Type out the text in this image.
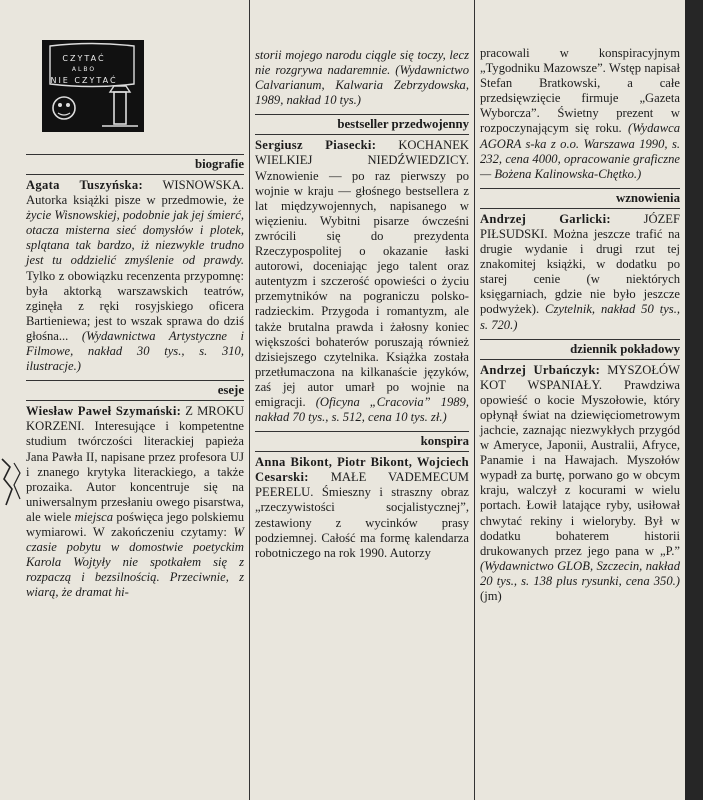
CZYTAĆ
ALBO
NIE CZYTAĆ
biografie

Agata Tuszyńska: WISNOWSKA. Autorka książki pisze w przedmowie, że życie Wisnowskiej, podobnie jak jej śmierć, otacza misterna sieć domysłów i plotek, splątana tak bardzo, iż niezwykle trudno jest tu oddzielić zmyślenie od prawdy. Tylko z obowiązku recenzenta przypomnę: była aktorką warszawskich teatrów, zginęła z ręki rosyjskiego oficera Bartieniewa; jest to wszak sprawa do dziś głośna... (Wydawnictwa Artystyczne i Filmowe, nakład 30 tys., s. 310, ilustracje.)

eseje

Wiesław Paweł Szymański: Z MROKU KORZENI. Interesujące i kompetentne studium twórczości literackiej papieża Jana Pawła II, napisane przez profesora UJ i znanego krytyka literackiego, a także prozaika. Autor koncentruje się na uniwersalnym przesłaniu owego pisarstwa, ale wiele miejsca poświęca jego polskiemu wymiarowi. W zakończeniu czytamy: W czasie pobytu w domostwie poetyckim Karola Wojtyły nie spotkałem się z rozpaczą i bezsilnością. Przeciwnie, z wiarą, że dramat hi-

storii mojego narodu ciągle się toczy, lecz nie rozgrywa nadaremnie. (Wydawnictwo Calvarianum, Kalwaria Zebrzydowska, 1989, nakład 10 tys.)

bestseller przedwojenny

Sergiusz Piasecki: KOCHANEK WIELKIEJ NIEDŹWIEDZICY. Wznowienie — po raz pierwszy po wojnie w kraju — głośnego bestsellera z lat międzywojennych, napisanego w więzieniu. Wybitni pisarze ówcześni zwrócili się do prezydenta Rzeczypospolitej o okazanie łaski autorowi, doceniając jego talent oraz autentyzm i szczerość opowieści o życiu przemytników na pograniczu polsko-radzieckim. Przygoda i romantyzm, ale także brutalna prawda i żałosny koniec większości bohaterów poruszają również dzisiejszego czytelnika. Książka została przetłumaczona na kilkanaście języków, zaś jej autor umarł po wojnie na emigracji. (Oficyna „Cracovia” 1989, nakład 70 tys., s. 512, cena 10 tys. zł.)

konspira

Anna Bikont, Piotr Bikont, Wojciech Cesarski: MAŁE VADEMECUM PEERELU. Śmieszny i straszny obraz „rzeczywistości socjalistycznej”, zestawiony z wycinków prasy podziemnej. Całość ma formę kalendarza robotniczego na rok 1990. Autorzy

pracowali w konspiracyjnym „Tygodniku Mazowsze”. Wstęp napisał Stefan Bratkowski, a całe przedsięwzięcie firmuje „Gazeta Wyborcza”. Świetny prezent w rozpoczynającym się roku. (Wydawca AGORA s-ka z o.o. Warszawa 1990, s. 232, cena 4000, opracowanie graficzne — Bożena Kalinowska-Chętko.)

wznowienia

Andrzej Garlicki:	JÓZEF PIŁSUDSKI. Można jeszcze trafić na drugie wydanie i drugi rzut tej znakomitej książki, w dodatku po starej cenie (w niektórych księgarniach, gdzie nie było jeszcze podwyżek). Czytelnik, nakład 50 tys., s. 720.)

dziennik pokładowy

Andrzej Urbańczyk: MYSZOŁÓW KOT WSPANIAŁY. Prawdziwa opowieść o kocie Myszołowie, który opłynął świat na dziewięciometrowym jachcie, zaznając niezwykłych przygód w Ameryce, Japonii, Australii, Afryce, Panamie i na Hawajach. Myszołów wypadł za burtę, porwano go w obcym kraju, walczył z kocurami w wielu portach. Łowił latające ryby, usiłował chwytać rekiny i wieloryby. Był w dodatku bohaterem historii drukowanych przez jego pana w „P.” (Wydawnictwo GLOB, Szczecin, nakład 20 tys., s. 138 plus rysunki, cena 350.) (jm)
